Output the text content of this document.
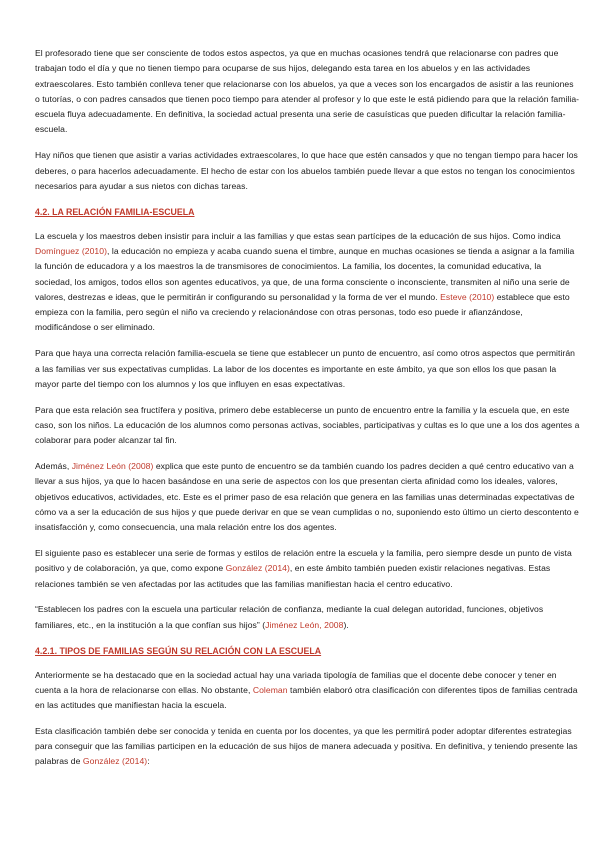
El profesorado tiene que ser consciente de todos estos aspectos, ya que en muchas ocasiones tendrá que relacionarse con padres que trabajan todo el día y que no tienen tiempo para ocuparse de sus hijos, delegando esta tarea en los abuelos y en las actividades extraescolares. Esto también conlleva tener que relacionarse con los abuelos, ya que a veces son los encargados de asistir a las reuniones o tutorías, o con padres cansados que tienen poco tiempo para atender al profesor y lo que este le está pidiendo para que la relación familia-escuela fluya adecuadamente. En definitiva, la sociedad actual presenta una serie de casuísticas que pueden dificultar la relación familia-escuela.

Hay niños que tienen que asistir a varias actividades extraescolares, lo que hace que estén cansados y que no tengan tiempo para hacer los deberes, o para hacerlos adecuadamente. El hecho de estar con los abuelos también puede llevar a que estos no tengan los conocimientos necesarios para ayudar a sus nietos con dichas tareas.

4.2. LA RELACIÓN FAMILIA-ESCUELA

La escuela y los maestros deben insistir para incluir a las familias y que estas sean partícipes de la educación de sus hijos. Como indica Domínguez (2010), la educación no empieza y acaba cuando suena el timbre, aunque en muchas ocasiones se tienda a asignar a la familia la función de educadora y a los maestros la de transmisores de conocimientos. La familia, los docentes, la comunidad educativa, la sociedad, los amigos, todos ellos son agentes educativos, ya que, de una forma consciente o inconsciente, transmiten al niño una serie de valores, destrezas e ideas, que le permitirán ir configurando su personalidad y la forma de ver el mundo. Esteve (2010) establece que esto empieza con la familia, pero según el niño va creciendo y relacionándose con otras personas, todo eso puede ir afianzándose, modificándose o ser eliminado.

Para que haya una correcta relación familia-escuela se tiene que establecer un punto de encuentro, así como otros aspectos que permitirán a las familias ver sus expectativas cumplidas. La labor de los docentes es importante en este ámbito, ya que son ellos los que pasan la mayor parte del tiempo con los alumnos y los que influyen en esas expectativas.

Para que esta relación sea fructífera y positiva, primero debe establecerse un punto de encuentro entre la familia y la escuela que, en este caso, son los niños. La educación de los alumnos como personas activas, sociables, participativas y cultas es lo que une a los dos agentes a colaborar para poder alcanzar tal fin.

Además, Jiménez León (2008) explica que este punto de encuentro se da también cuando los padres deciden a qué centro educativo van a llevar a sus hijos, ya que lo hacen basándose en una serie de aspectos con los que presentan cierta afinidad como los ideales, valores, objetivos educativos, actividades, etc. Este es el primer paso de esa relación que genera en las familias unas determinadas expectativas de cómo va a ser la educación de sus hijos y que puede derivar en que se vean cumplidas o no, suponiendo esto último un cierto descontento e insatisfacción y, como consecuencia, una mala relación entre los dos agentes.

El siguiente paso es establecer una serie de formas y estilos de relación entre la escuela y la familia, pero siempre desde un punto de vista positivo y de colaboración, ya que, como expone González (2014), en este ámbito también pueden existir relaciones negativas. Estas relaciones también se ven afectadas por las actitudes que las familias manifiestan hacia el centro educativo.

“Establecen los padres con la escuela una particular relación de confianza, mediante la cual delegan autoridad, funciones, objetivos familiares, etc., en la institución a la que confían sus hijos” (Jiménez León, 2008).

4.2.1. TIPOS DE FAMILIAS SEGÚN SU RELACIÓN CON LA ESCUELA

Anteriormente se ha destacado que en la sociedad actual hay una variada tipología de familias que el docente debe conocer y tener en cuenta a la hora de relacionarse con ellas. No obstante, Coleman también elaboró otra clasificación con diferentes tipos de familias centrada en las actitudes que manifiestan hacia la escuela.

Esta clasificación también debe ser conocida y tenida en cuenta por los docentes, ya que les permitirá poder adoptar diferentes estrategias para conseguir que las familias participen en la educación de sus hijos de manera adecuada y positiva. En definitiva, y teniendo presente las palabras de González (2014):
